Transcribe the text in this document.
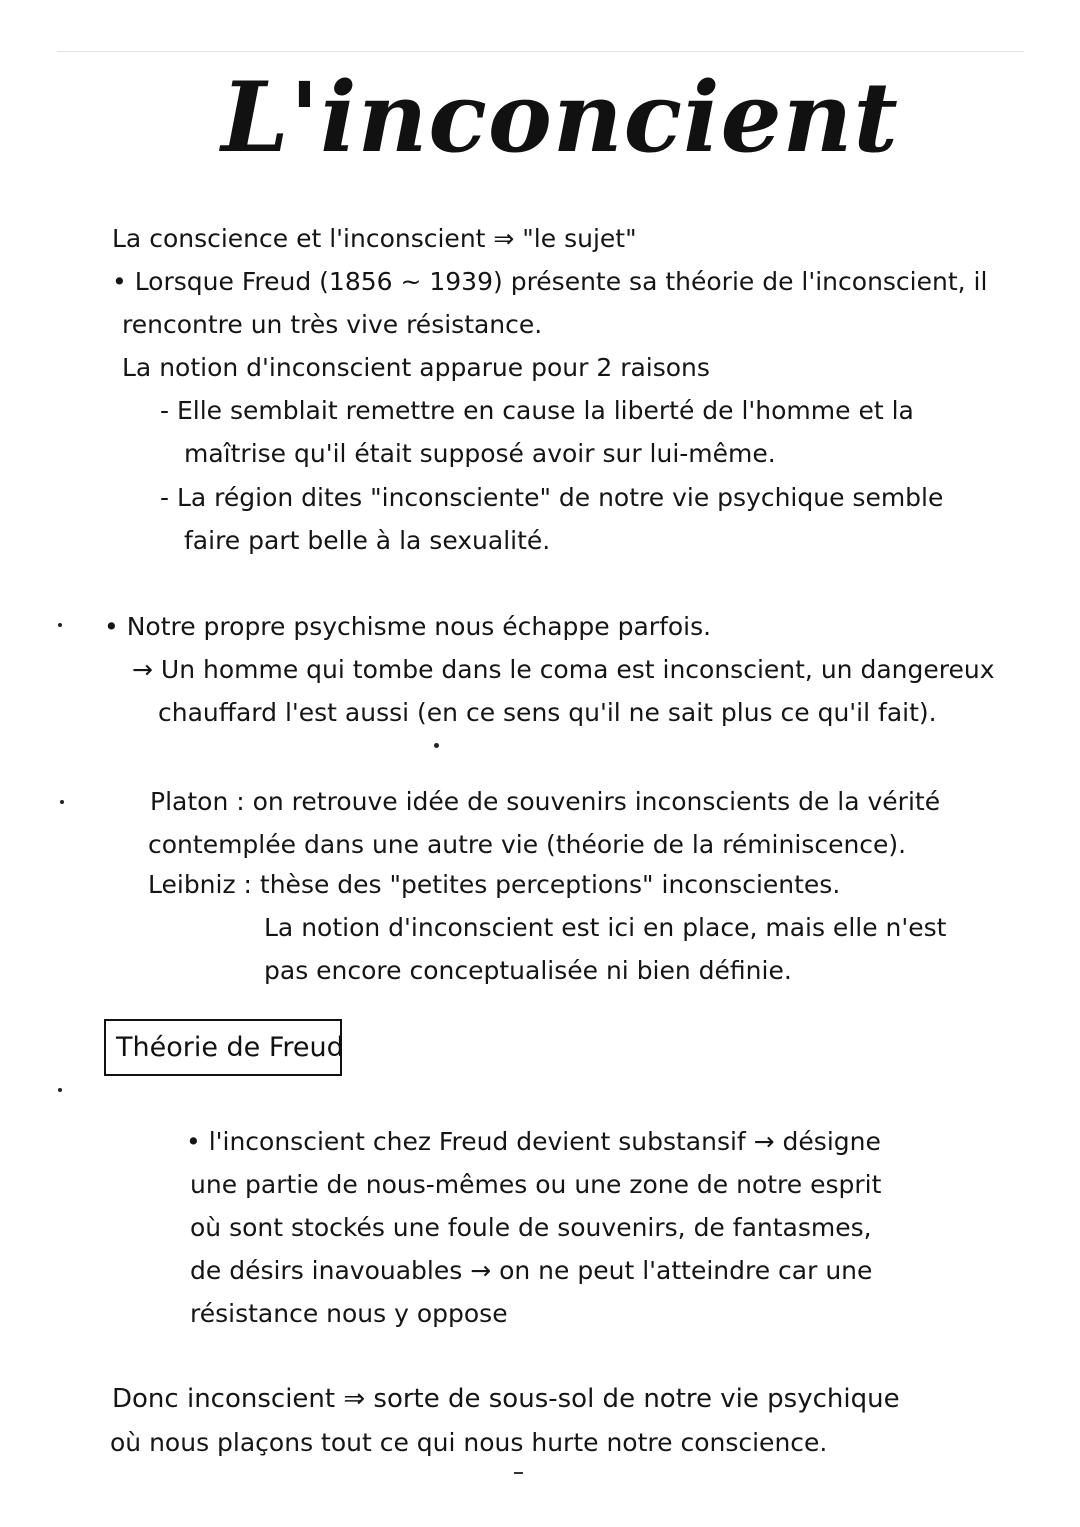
L'inconcient
La conscience et l'inconscient ⇒ "le sujet"
• Lorsque Freud (1856 ~ 1939) présente sa théorie de l'inconscient, il
rencontre un très vive résistance.
La notion d'inconscient apparue pour 2 raisons
- Elle semblait remettre en cause la liberté de l'homme et la
maîtrise qu'il était supposé avoir sur lui-même.
- La région dites "inconsciente" de notre vie psychique semble
faire part belle à la sexualité.
• Notre propre psychisme nous échappe parfois.
→ Un homme qui tombe dans le coma est inconscient, un dangereux
chauffard l'est aussi (en ce sens qu'il ne sait plus ce qu'il fait).
Platon : on retrouve idée de souvenirs inconscients de la vérité
contemplée dans une autre vie (théorie de la réminiscence).
Leibniz : thèse des "petites perceptions" inconscientes.
La notion d'inconscient est ici en place, mais elle n'est
pas encore conceptualisée ni bien définie.
Théorie de Freud
• l'inconscient chez Freud devient substansif → désigne
une partie de nous-mêmes ou une zone de notre esprit
où sont stockés une foule de souvenirs, de fantasmes,
de désirs inavouables → on ne peut l'atteindre car une
résistance nous y oppose
Donc inconscient ⇒ sorte de sous-sol de notre vie psychique
où nous plaçons tout ce qui nous hurte notre conscience.
